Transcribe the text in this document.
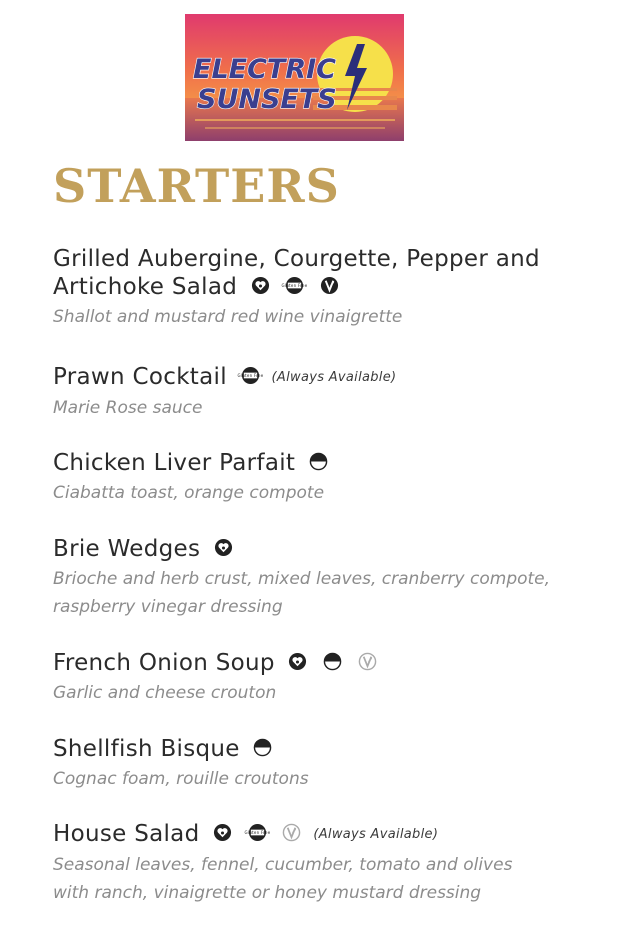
ELECTRIC
SUNSETS
STARTERS
Grilled Aubergine, Courgette, Pepper and
Artichoke Salad
	Gluten Free

Shallot and mustard red wine vinaigrette
Prawn Cocktail Gluten Free (Always Available)
Marie Rose sauce
Chicken Liver Parfait
Ciabatta toast, orange compote
Brie Wedges
Brioche and herb crust, mixed leaves, cranberry compote,
raspberry vinegar dressing
French Onion Soup

Garlic and cheese crouton
Shellfish Bisque
Cognac foam, rouille croutons
House Salad
	Gluten Free
	(Always Available)
Seasonal leaves, fennel, cucumber, tomato and olives
with ranch, vinaigrette or honey mustard dressing
